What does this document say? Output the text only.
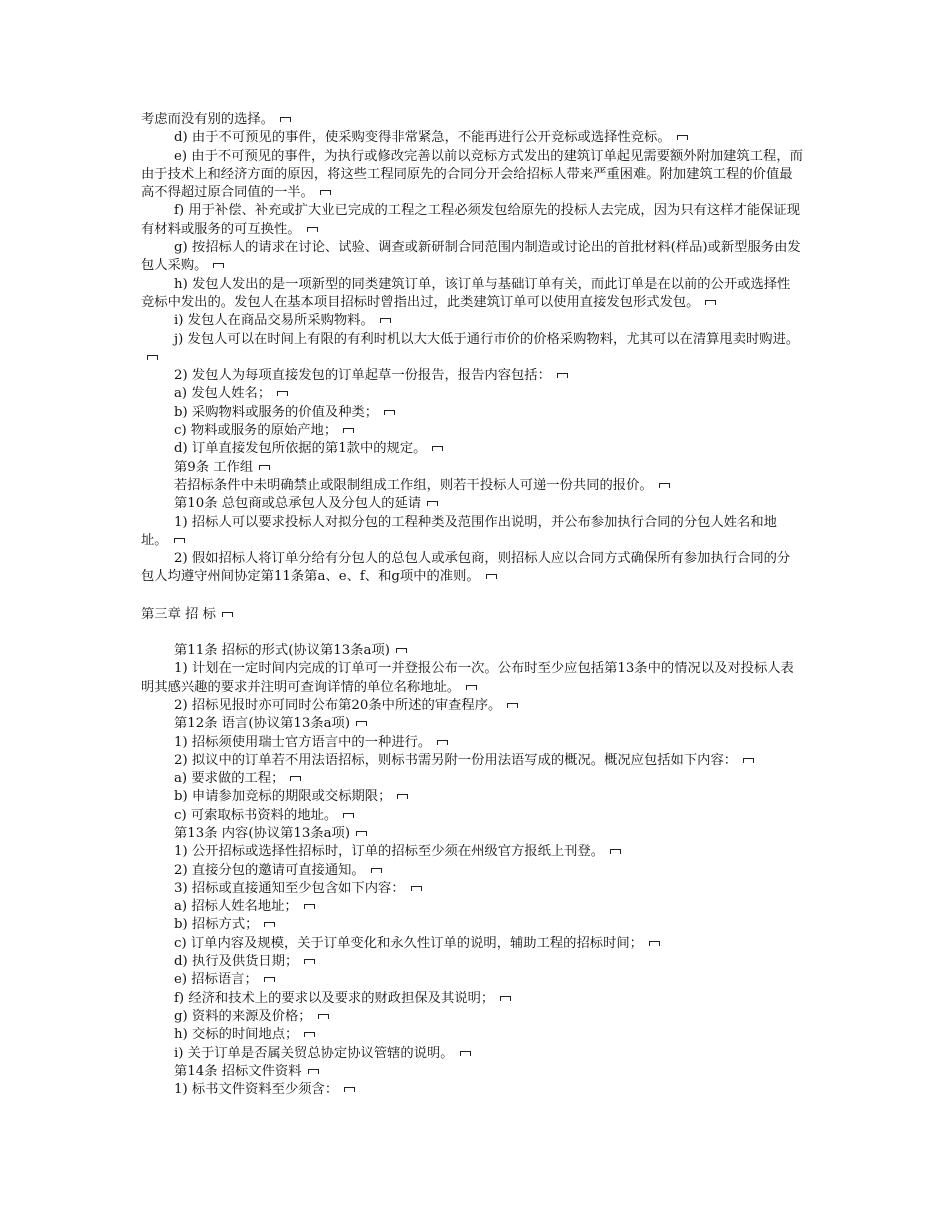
考虑而没有别的选择。

d) 由于不可预见的事件，使采购变得非常紧急，不能再进行公开竞标或选择性竞标。

e) 由于不可预见的事件，为执行或修改完善以前以竞标方式发出的建筑订单起见需要额外附加建筑工程，而由于技术上和经济方面的原因，将这些工程同原先的合同分开会给招标人带来严重困难。附加建筑工程的价值最高不得超过原合同值的一半。

f) 用于补偿、补充或扩大业已完成的工程之工程必须发包给原先的投标人去完成，因为只有这样才能保证现有材料或服务的可互换性。

g) 按招标人的请求在讨论、试验、调查或新研制合同范围内制造或讨论出的首批材料(样品)或新型服务由发包人采购。

h) 发包人发出的是一项新型的同类建筑订单，该订单与基础订单有关，而此订单是在以前的公开或选择性竞标中发出的。发包人在基本项目招标时曾指出过，此类建筑订单可以使用直接发包形式发包。

i) 发包人在商品交易所采购物料。

j) 发包人可以在时间上有限的有利时机以大大低于通行市价的价格采购物料，尤其可以在清算甩卖时购进。

2) 发包人为每项直接发包的订单起草一份报告，报告内容包括：

a) 发包人姓名；

b) 采购物料或服务的价值及种类；

c) 物料或服务的原始产地；

d) 订单直接发包所依据的第1款中的规定。

第9条 工作组

若招标条件中未明确禁止或限制组成工作组，则若干投标人可递一份共同的报价。

第10条 总包商或总承包人及分包人的延请

1) 招标人可以要求投标人对拟分包的工程种类及范围作出说明，并公布参加执行合同的分包人姓名和地址。

2) 假如招标人将订单分给有分包人的总包人或承包商，则招标人应以合同方式确保所有参加执行合同的分包人均遵守州间协定第11条第a、e、f、和g项中的准则。

第三章 招 标

第11条 招标的形式(协议第13条a项)

1) 计划在一定时间内完成的订单可一并登报公布一次。公布时至少应包括第13条中的情况以及对投标人表明其感兴趣的要求并注明可查询详情的单位名称地址。

2) 招标见报时亦可同时公布第20条中所述的审查程序。

第12条 语言(协议第13条a项)

1) 招标须使用瑞士官方语言中的一种进行。

2) 拟议中的订单若不用法语招标，则标书需另附一份用法语写成的概况。概况应包括如下内容：

a) 要求做的工程；

b) 申请参加竞标的期限或交标期限；

c) 可索取标书资料的地址。

第13条 内容(协议第13条a项)

1) 公开招标或选择性招标时，订单的招标至少须在州级官方报纸上刊登。

2) 直接分包的邀请可直接通知。

3) 招标或直接通知至少包含如下内容：

a) 招标人姓名地址；

b) 招标方式；

c) 订单内容及规模，关于订单变化和永久性订单的说明，辅助工程的招标时间；

d) 执行及供货日期；

e) 招标语言；

f) 经济和技术上的要求以及要求的财政担保及其说明；

g) 资料的来源及价格；

h) 交标的时间地点；

i) 关于订单是否属关贸总协定协议管辖的说明。

第14条 招标文件资料

1) 标书文件资料至少须含：
